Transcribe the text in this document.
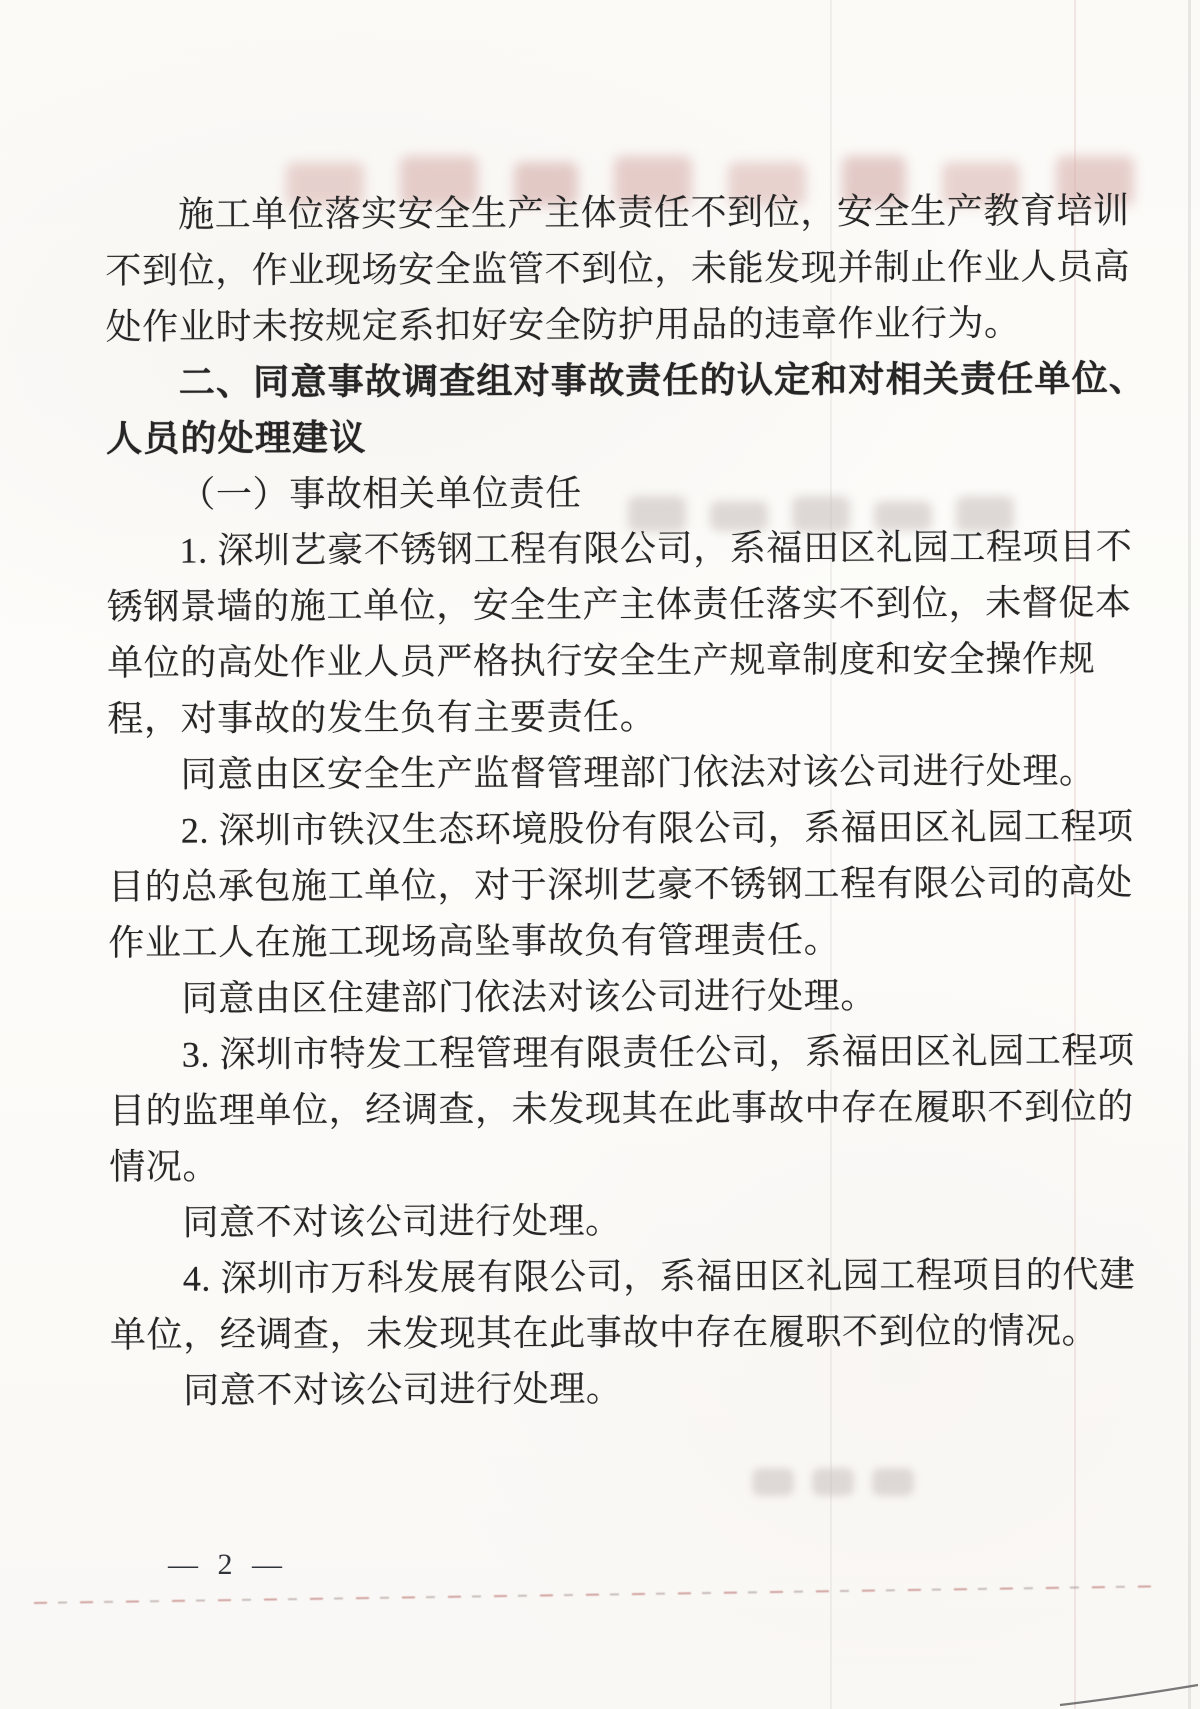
施工单位落实安全生产主体责任不到位，安全生产教育培训
不到位，作业现场安全监管不到位，未能发现并制止作业人员高
处作业时未按规定系扣好安全防护用品的违章作业行为。
二、同意事故调查组对事故责任的认定和对相关责任单位、
人员的处理建议
（一）事故相关单位责任
1. 深圳艺豪不锈钢工程有限公司，系福田区礼园工程项目不
锈钢景墙的施工单位，安全生产主体责任落实不到位，未督促本
单位的高处作业人员严格执行安全生产规章制度和安全操作规
程，对事故的发生负有主要责任。
同意由区安全生产监督管理部门依法对该公司进行处理。
2. 深圳市铁汉生态环境股份有限公司，系福田区礼园工程项
目的总承包施工单位，对于深圳艺豪不锈钢工程有限公司的高处
作业工人在施工现场高坠事故负有管理责任。
同意由区住建部门依法对该公司进行处理。
3. 深圳市特发工程管理有限责任公司，系福田区礼园工程项
目的监理单位，经调查，未发现其在此事故中存在履职不到位的
情况。
同意不对该公司进行处理。
4. 深圳市万科发展有限公司，系福田区礼园工程项目的代建
单位，经调查，未发现其在此事故中存在履职不到位的情况。
同意不对该公司进行处理。
— 2 —
